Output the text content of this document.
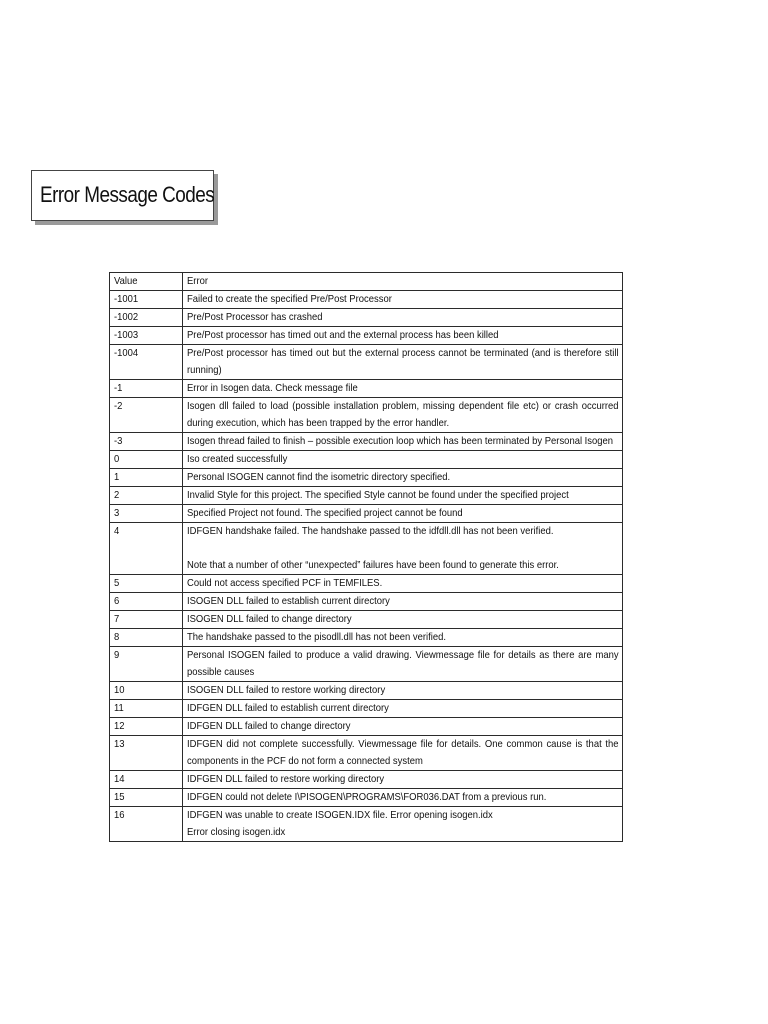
Error Message Codes
Value	Error

-1001	Failed to create the specified Pre/Post Processor

-1002	Pre/Post Processor has crashed

-1003	Pre/Post processor has timed out and the external process has been killed

-1004	Pre/Post processor has timed out but the external process cannot be terminated (and is therefore still running)

-1	Error in Isogen data. Check message file

-2	Isogen dll failed to load (possible installation problem, missing dependent file etc) or crash occurred during execution, which has been trapped by the error handler.

-3	Isogen thread failed to finish – possible execution loop which has been terminated by Personal Isogen

0	Iso created successfully

1	Personal ISOGEN cannot find the isometric directory specified.

2	Invalid Style for this project. The specified Style cannot be found under the specified project

3	Specified Project not found. The specified project cannot be found

4	IDFGEN handshake failed. The handshake passed to the idfdll.dll has not been verified.

Note that a number of other “unexpected” failures have been found to generate this error.

5	Could not access specified PCF in TEMFILES.

6	ISOGEN DLL failed to establish current directory

7	ISOGEN DLL failed to change directory

8	The handshake passed to the pisodll.dll has not been verified.

9	Personal ISOGEN failed to produce a valid drawing. Viewmessage file for details as there are many possible causes

10	ISOGEN DLL failed to restore working directory

11	IDFGEN DLL failed to establish current directory

12	IDFGEN DLL failed to change directory

13	IDFGEN did not complete successfully. Viewmessage file for details. One common cause is that the components in the PCF do not form a connected system

14	IDFGEN DLL failed to restore working directory

15	IDFGEN could not delete I\PISOGEN\PROGRAMS\FOR036.DAT from a previous run.

16	IDFGEN was unable to create ISOGEN.IDX file. Error opening isogen.idx
Error closing isogen.idx
